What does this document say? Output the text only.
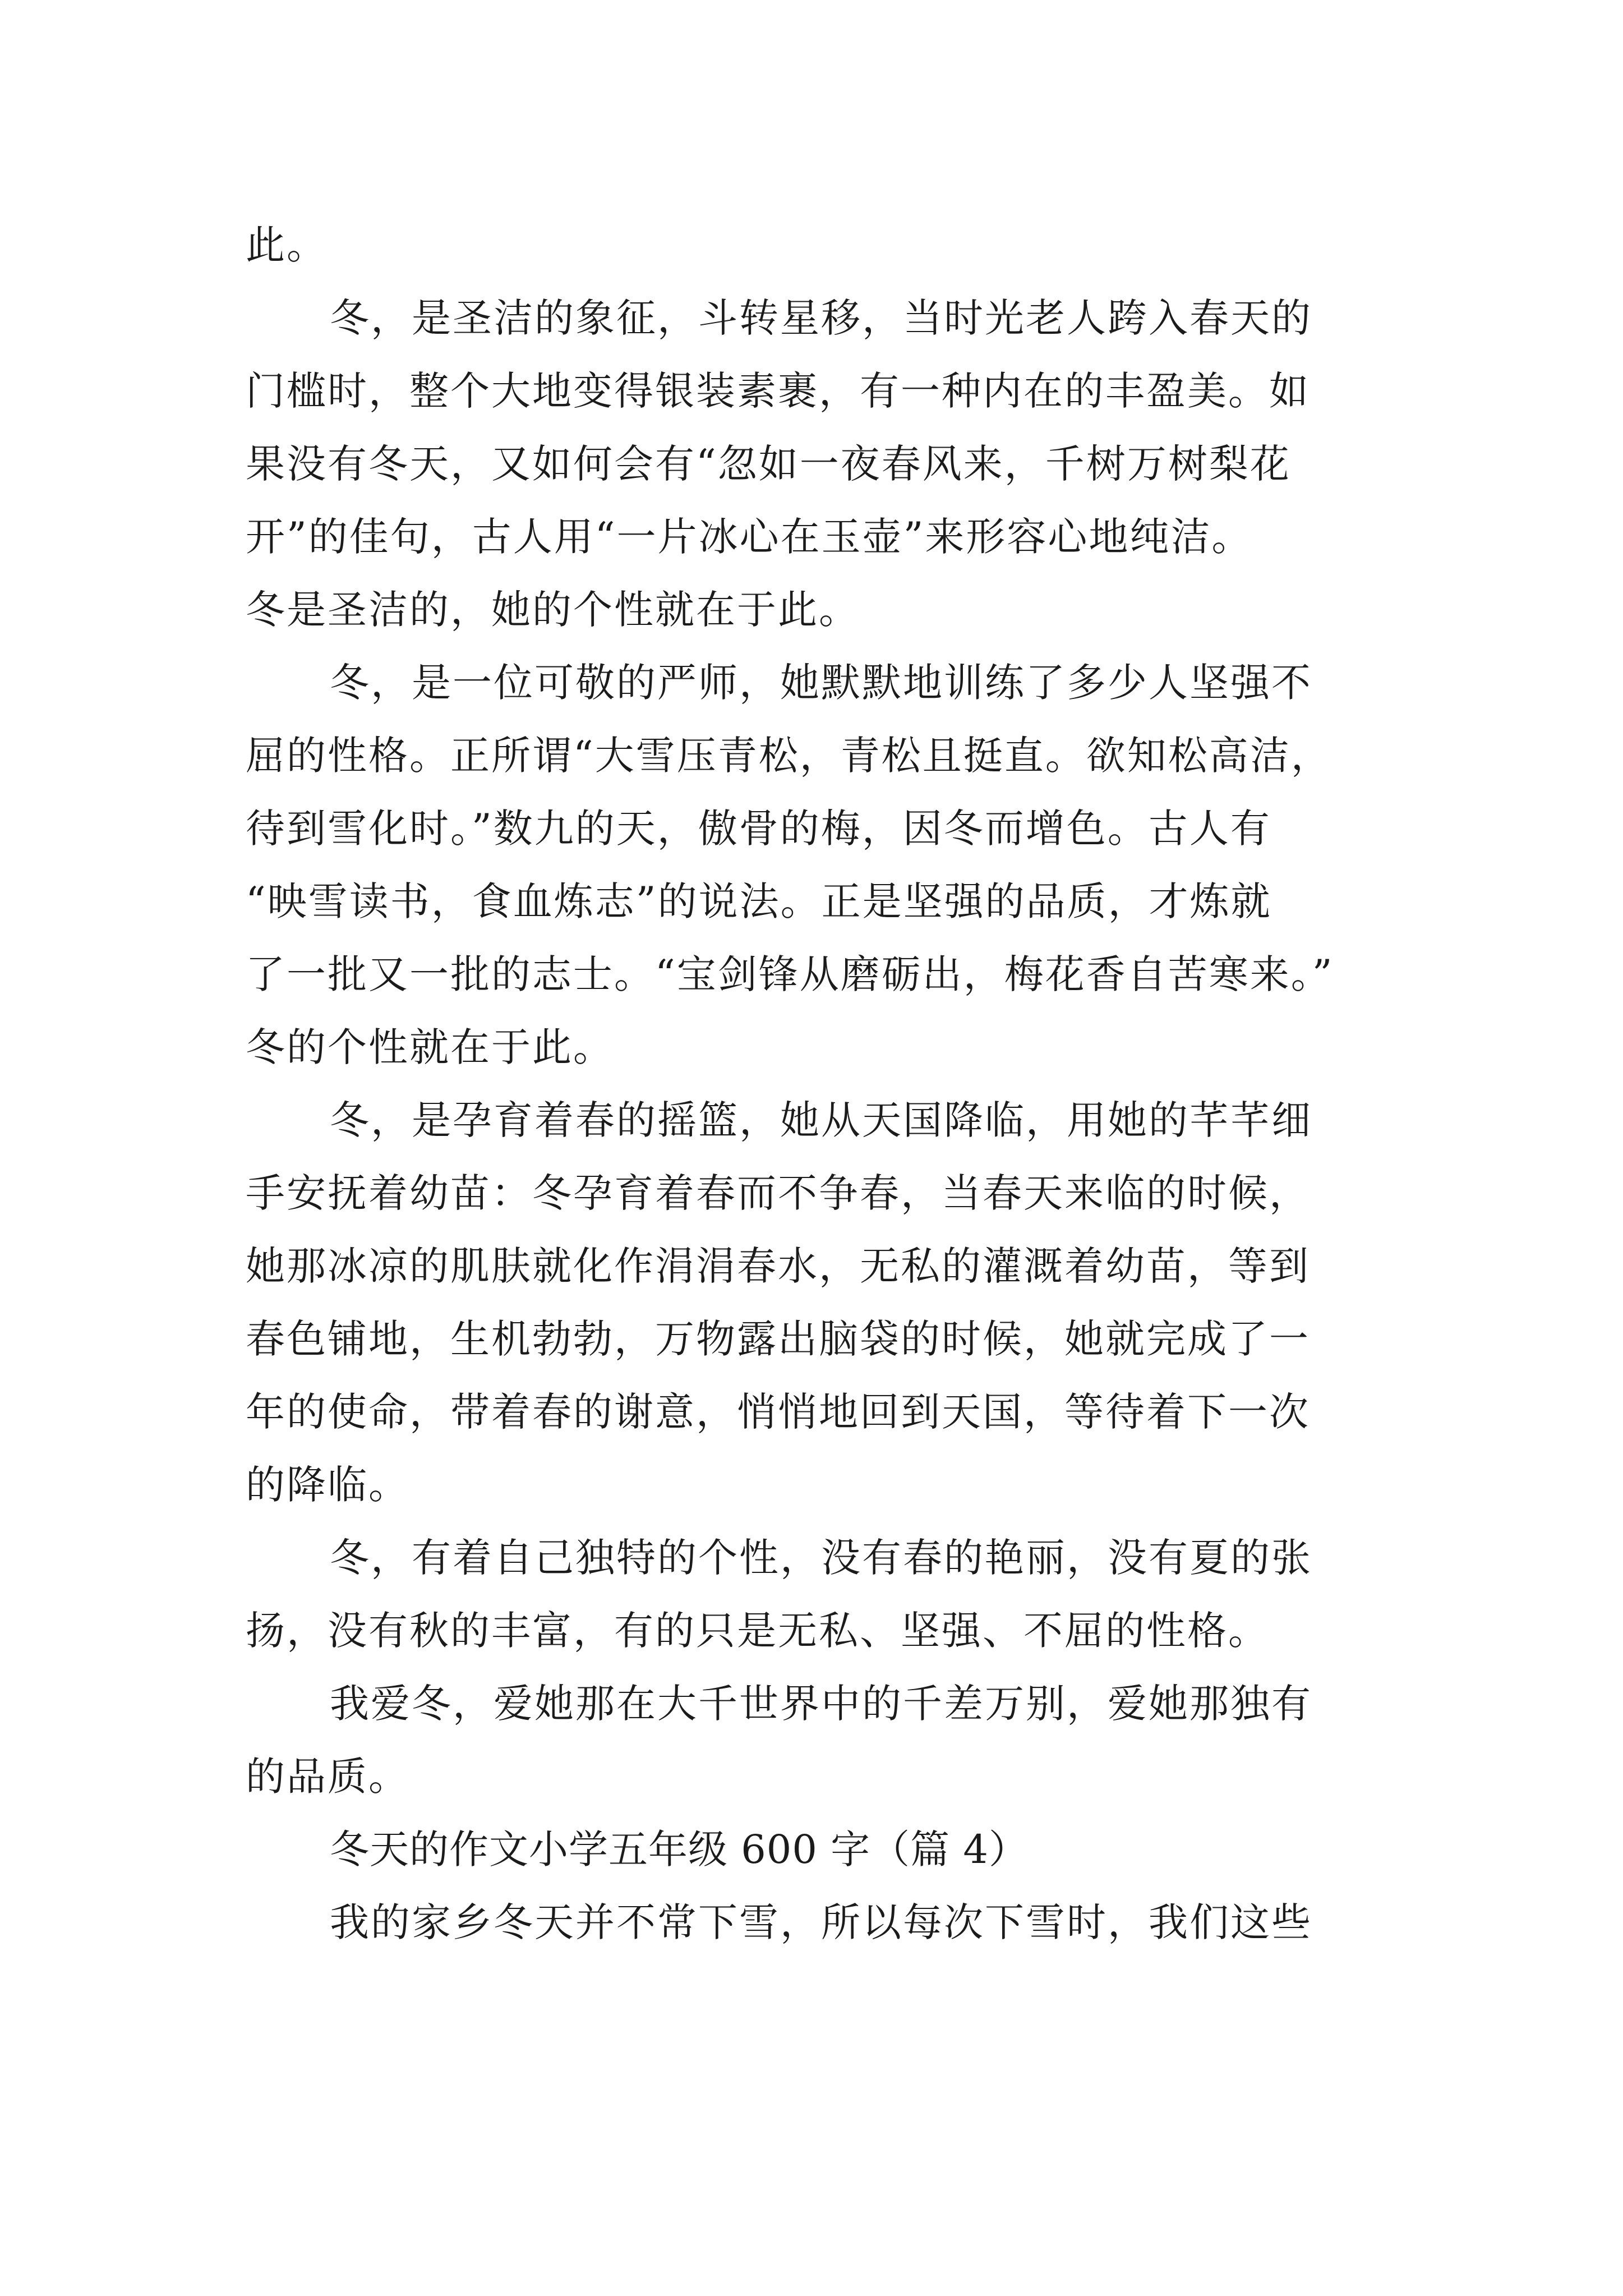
此。
冬，是圣洁的象征，斗转星移，当时光老人跨入春天的
门槛时，整个大地变得银装素裹，有一种内在的丰盈美。如
果没有冬天，又如何会有“忽如一夜春风来，千树万树梨花
开”的佳句，古人用“一片冰心在玉壶”来形容心地纯洁。
冬是圣洁的，她的个性就在于此。
冬，是一位可敬的严师，她默默地训练了多少人坚强不
屈的性格。正所谓“大雪压青松，青松且挺直。欲知松高洁，
待到雪化时。”数九的天，傲骨的梅，因冬而增色。古人有
“映雪读书，食血炼志”的说法。正是坚强的品质，才炼就
了一批又一批的志士。“宝剑锋从磨砺出，梅花香自苦寒来。”
冬的个性就在于此。
冬，是孕育着春的摇篮，她从天国降临，用她的芊芊细
手安抚着幼苗：冬孕育着春而不争春，当春天来临的时候，
她那冰凉的肌肤就化作涓涓春水，无私的灌溉着幼苗，等到
春色铺地，生机勃勃，万物露出脑袋的时候，她就完成了一
年的使命，带着春的谢意，悄悄地回到天国，等待着下一次
的降临。
冬，有着自己独特的个性，没有春的艳丽，没有夏的张
扬，没有秋的丰富，有的只是无私、坚强、不屈的性格。
我爱冬，爱她那在大千世界中的千差万别，爱她那独有
的品质。
冬天的作文小学五年级 600 字（篇 4）
我的家乡冬天并不常下雪，所以每次下雪时，我们这些
